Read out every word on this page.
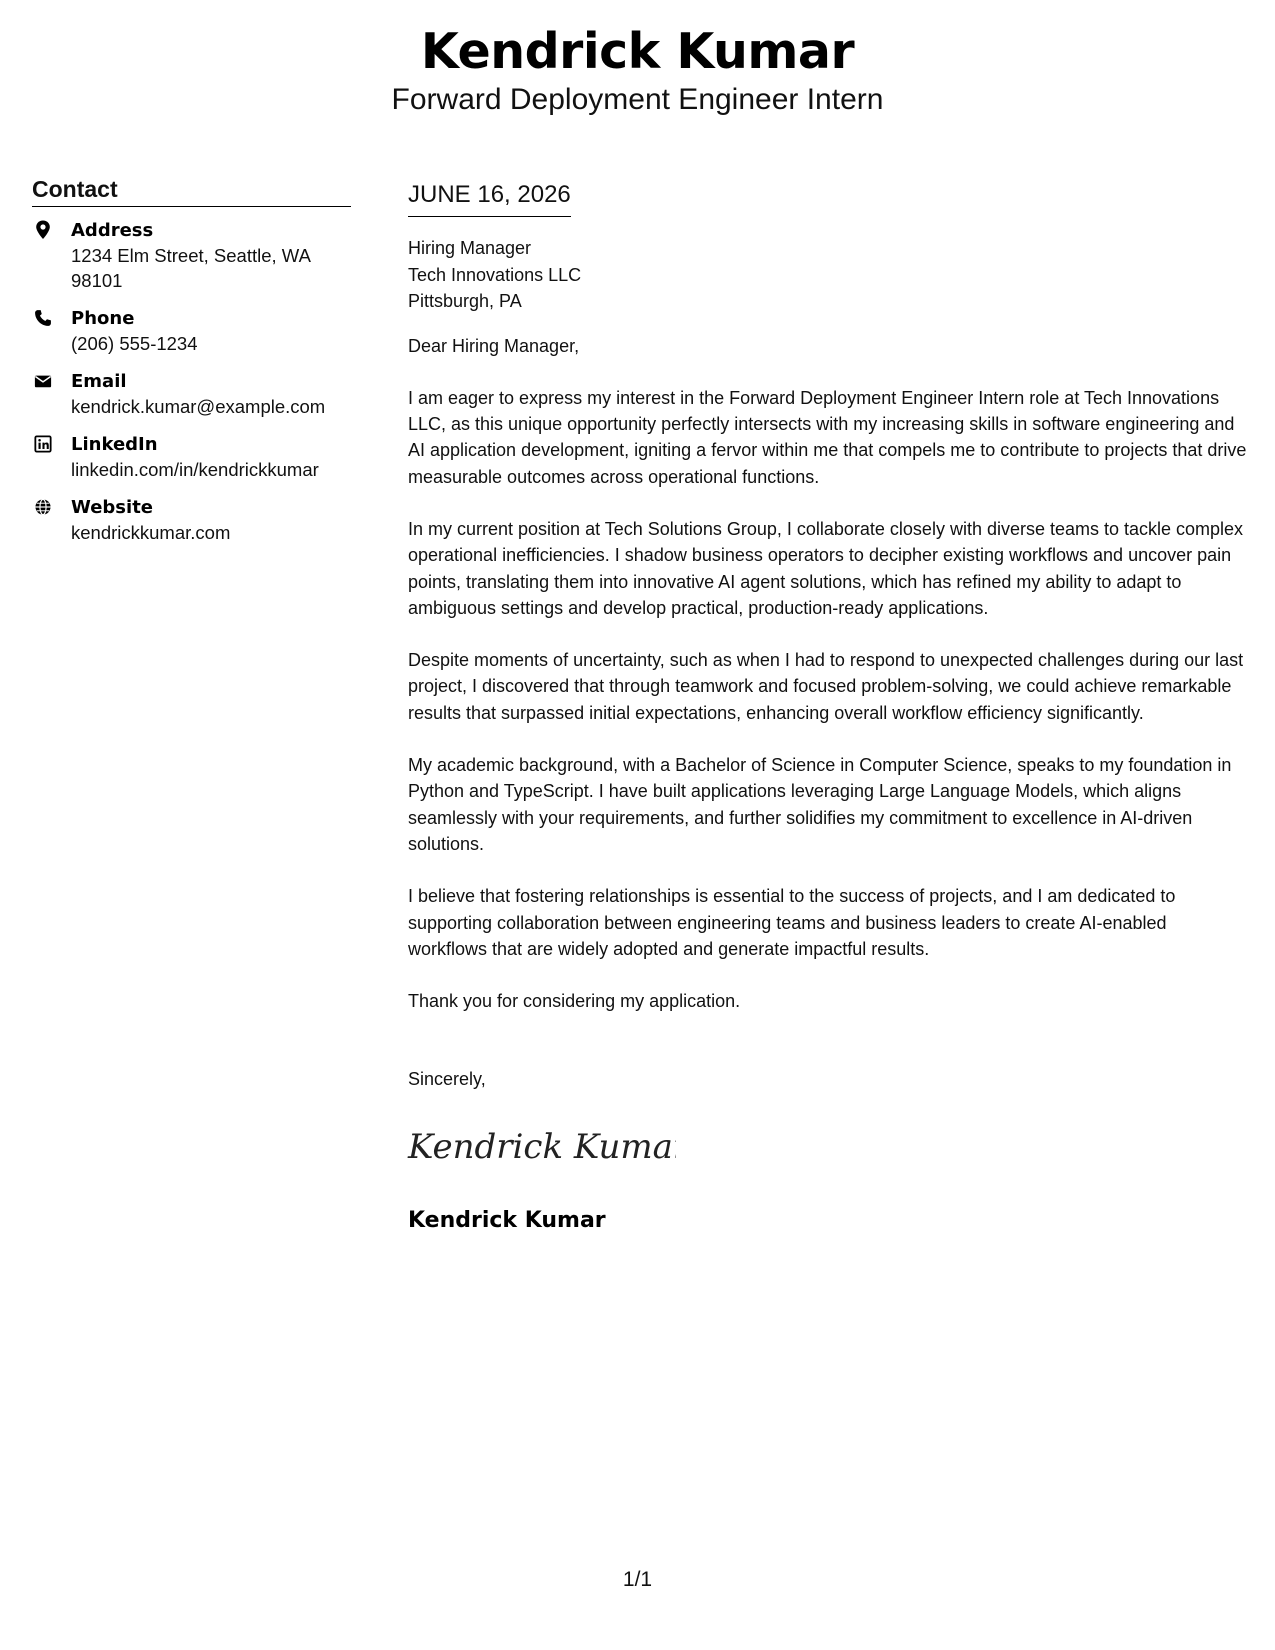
Kendrick Kumar

Forward Deployment Engineer Intern

Contact
Address
1234 Elm Street, Seattle, WA 98101
Phone
(206) 555-1234
Email
kendrick.kumar@example.com
LinkedIn
linkedin.com/in/kendrickkumar
Website
kendrickkumar.com
JUNE 16, 2026
Hiring Manager
Tech Innovations LLC
Pittsburgh, PA

Dear Hiring Manager,

I am eager to express my interest in the Forward Deployment Engineer Intern role at Tech Innovations LLC, as this unique opportunity perfectly intersects with my increasing skills in software engineering and AI application development, igniting a fervor within me that compels me to contribute to projects that drive measurable outcomes across operational functions.

In my current position at Tech Solutions Group, I collaborate closely with diverse teams to tackle complex operational inefficiencies. I shadow business operators to decipher existing workflows and uncover pain points, translating them into innovative AI agent solutions, which has refined my ability to adapt to ambiguous settings and develop practical, production-ready applications.

Despite moments of uncertainty, such as when I had to respond to unexpected challenges during our last project, I discovered that through teamwork and focused problem-solving, we could achieve remarkable results that surpassed initial expectations, enhancing overall workflow efficiency significantly.

My academic background, with a Bachelor of Science in Computer Science, speaks to my foundation in Python and TypeScript. I have built applications leveraging Large Language Models, which aligns seamlessly with your requirements, and further solidifies my commitment to excellence in AI-driven solutions.

I believe that fostering relationships is essential to the success of projects, and I am dedicated to supporting collaboration between engineering teams and business leaders to create AI-enabled workflows that are widely adopted and generate impactful results.

Thank you for considering my application.

Sincerely,
Kendrick Kumar
Kendrick Kumar
1/1
